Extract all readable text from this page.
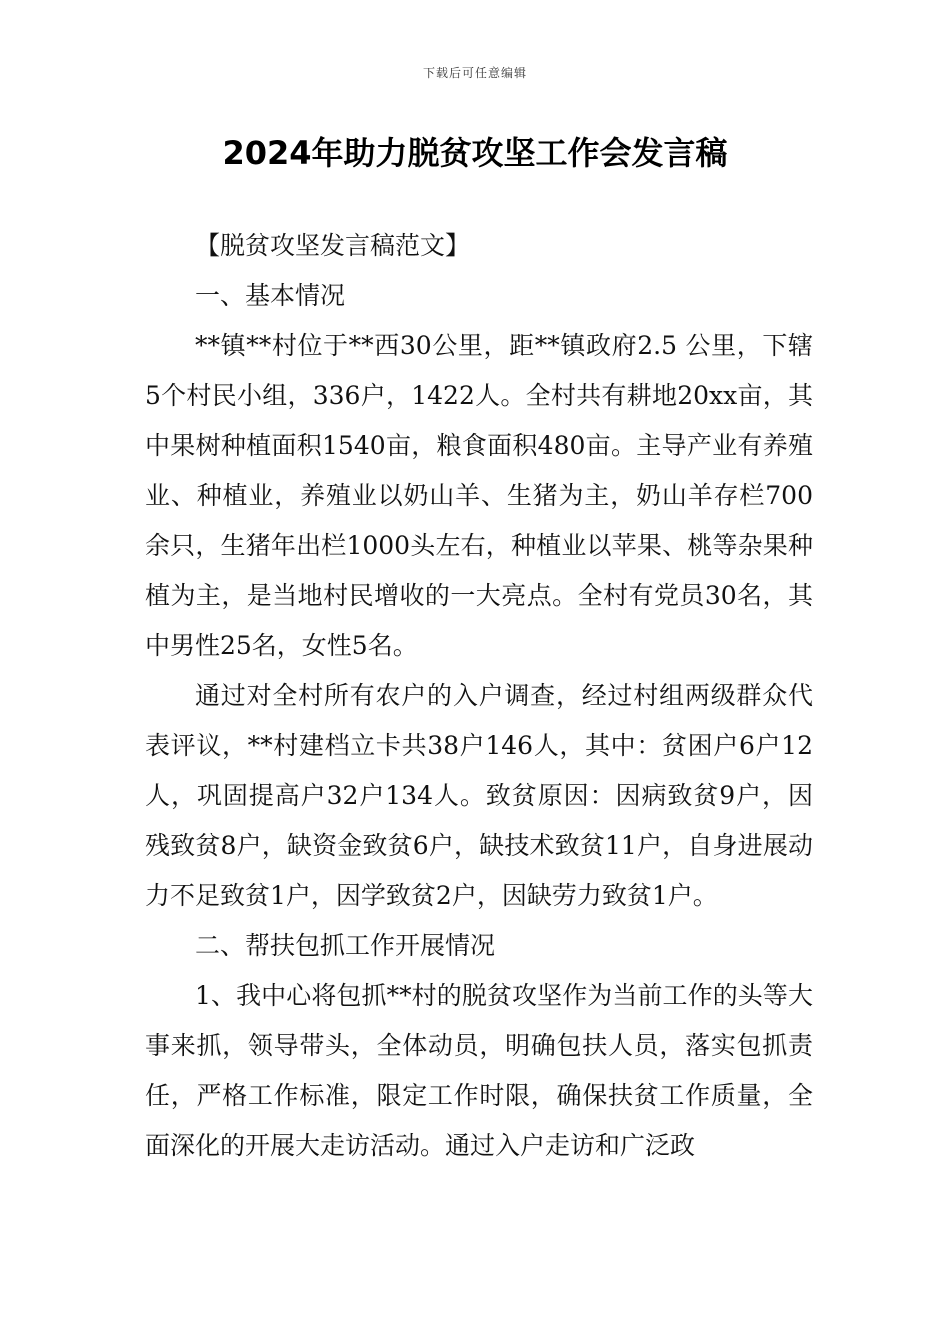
下载后可任意编辑
2024年助力脱贫攻坚工作会发言稿

【脱贫攻坚发言稿范文】

一、基本情况

**镇**村位于**西30公里，距**镇政府2.5 公里，下辖5个村民小组，336户，1422人。全村共有耕地20xx亩，其中果树种植面积1540亩，粮食面积480亩。主导产业有养殖业、种植业，养殖业以奶山羊、生猪为主，奶山羊存栏700余只，生猪年出栏1000头左右，种植业以苹果、桃等杂果种植为主，是当地村民增收的一大亮点。全村有党员30名，其中男性25名，女性5名。

通过对全村所有农户的入户调查，经过村组两级群众代表评议，**村建档立卡共38户146人，其中：贫困户6户12人，巩固提高户32户134人。致贫原因：因病致贫9户，因残致贫8户，缺资金致贫6户，缺技术致贫11户，自身进展动力不足致贫1户，因学致贫2户，因缺劳力致贫1户。

二、帮扶包抓工作开展情况

1、我中心将包抓**村的脱贫攻坚作为当前工作的头等大事来抓，领导带头，全体动员，明确包扶人员，落实包抓责任，严格工作标准，限定工作时限，确保扶贫工作质量，全面深化的开展大走访活动。通过入户走访和广泛政
